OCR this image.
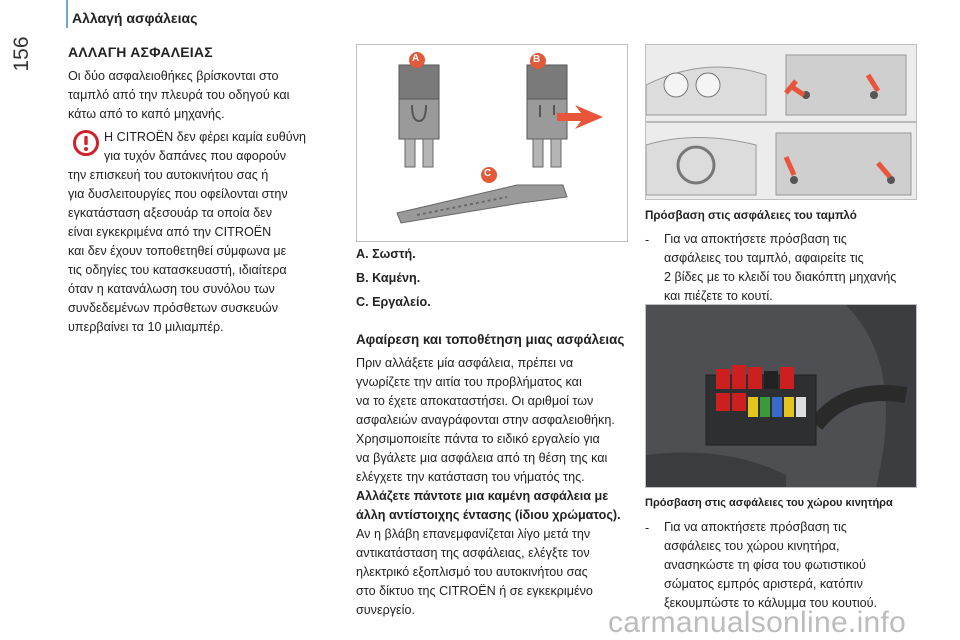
156
Αλλαγή ασφάλειας
ΑΛΛΑΓΗ ΑΣΦΑΛΕΙΑΣ
Οι δύο ασφαλειοθήκες βρίσκονται στο
ταμπλό από την πλευρά του οδηγού και
κάτω από το καπό μηχανής.
Η CITROËN δεν φέρει καμία ευθύνη
για τυχόν δαπάνες που αφορούν
την επισκευή του αυτοκινήτου σας ή
για δυσλειτουργίες που οφείλονται στην
εγκατάσταση αξεσουάρ τα οποία δεν
είναι εγκεκριμένα από την CITROËN
και δεν έχουν τοποθετηθεί σύμφωνα με
τις οδηγίες του κατασκευαστή, ιδιαίτερα
όταν η κατανάλωση του συνόλου των
συνδεδεμένων πρόσθετων συσκευών
υπερβαίνει τα 10 μιλιαμπέρ.
A	B
C
A. Σωστή.
B. Καμένη.
C. Εργαλείο.
Αφαίρεση και τοποθέτηση μιας ασφάλειας
Πριν αλλάξετε μία ασφάλεια, πρέπει να
γνωρίζετε την αιτία του προβλήματος και
να το έχετε αποκαταστήσει. Οι αριθμοί των
ασφαλειών αναγράφονται στην ασφαλειοθήκη.
Χρησιμοποιείτε πάντα το ειδικό εργαλείο για
να βγάλετε μια ασφάλεια από τη θέση της και
ελέγχετε την κατάσταση του νήματός της.
Αλλάζετε πάντοτε μια καμένη ασφάλεια με
άλλη αντίστοιχης έντασης (ίδιου χρώματος).
Αν η βλάβη επανεμφανίζεται λίγο μετά την
αντικατάσταση της ασφάλειας, ελέγξτε τον
ηλεκτρικό εξοπλισμό του αυτοκινήτου σας
στο δίκτυο της CITROËN ή σε εγκεκριμένο
συνεργείο.
Πρόσβαση στις ασφάλειες του ταμπλό
- Για να αποκτήσετε πρόσβαση τις
ασφάλειες του ταμπλό, αφαιρείτε τις
2 βίδες με το κλειδί του διακόπτη μηχανής
και πιέζετε το κουτί.
Πρόσβαση στις ασφάλειες του χώρου κινητήρα
- Για να αποκτήσετε πρόσβαση τις
ασφάλειες του χώρου κινητήρα,
ανασηκώστε τη φίσα του φωτιστικού
σώματος εμπρός αριστερά, κατόπιν
ξεκουμπώστε το κάλυμμα του κουτιού.
carmanualsonline.info
